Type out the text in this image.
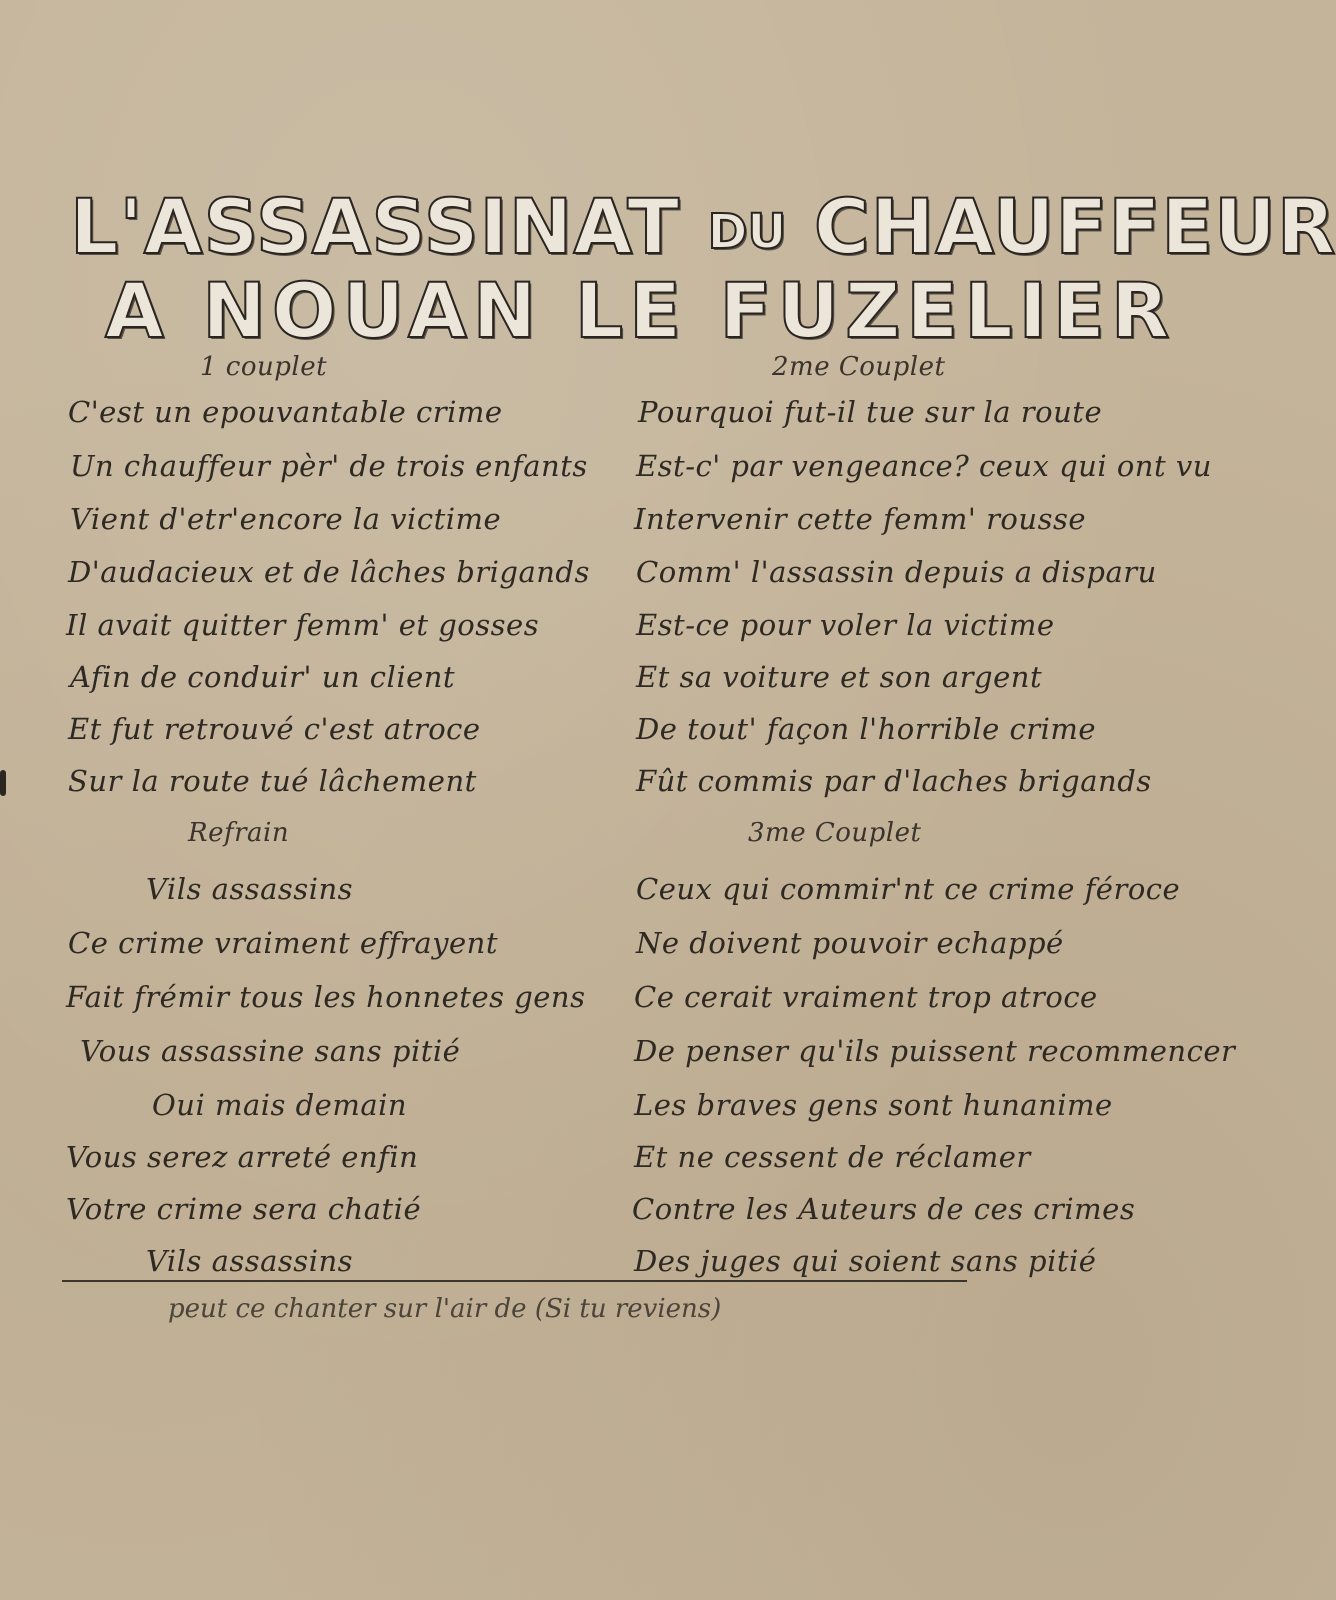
L'ASSASSINAT DU CHAUFFEUR
A NOUAN LE FUZELIER
1 couplet
C'est un epouvantable crime
Un chauffeur pèr' de trois enfants
Vient d'etr'encore la victime
D'audacieux et de lâches brigands
Il avait quitter femm' et gosses
Afin de conduir' un client
Et fut retrouvé c'est atroce
Sur la route tué lâchement
Refrain
Vils assassins
Ce crime vraiment effrayent
Fait frémir tous les honnetes gens
Vous assassine sans pitié
Oui mais demain
Vous serez arreté enfin
Votre crime sera chatié
Vils assassins
2me Couplet
Pourquoi fut-il tue sur la route
Est-c' par vengeance? ceux qui ont vu
Intervenir cette femm' rousse
Comm' l'assassin depuis a disparu
Est-ce pour voler la victime
Et sa voiture et son argent
De tout' façon l'horrible crime
Fût commis par d'laches brigands
3me Couplet
Ceux qui commir'nt ce crime féroce
Ne doivent pouvoir echappé
Ce cerait vraiment trop atroce
De penser qu'ils puissent recommencer
Les braves gens sont hunanime
Et ne cessent de réclamer
Contre les Auteurs de ces crimes
Des juges qui soient sans pitié
peut ce chanter sur l'air de (Si tu reviens)
